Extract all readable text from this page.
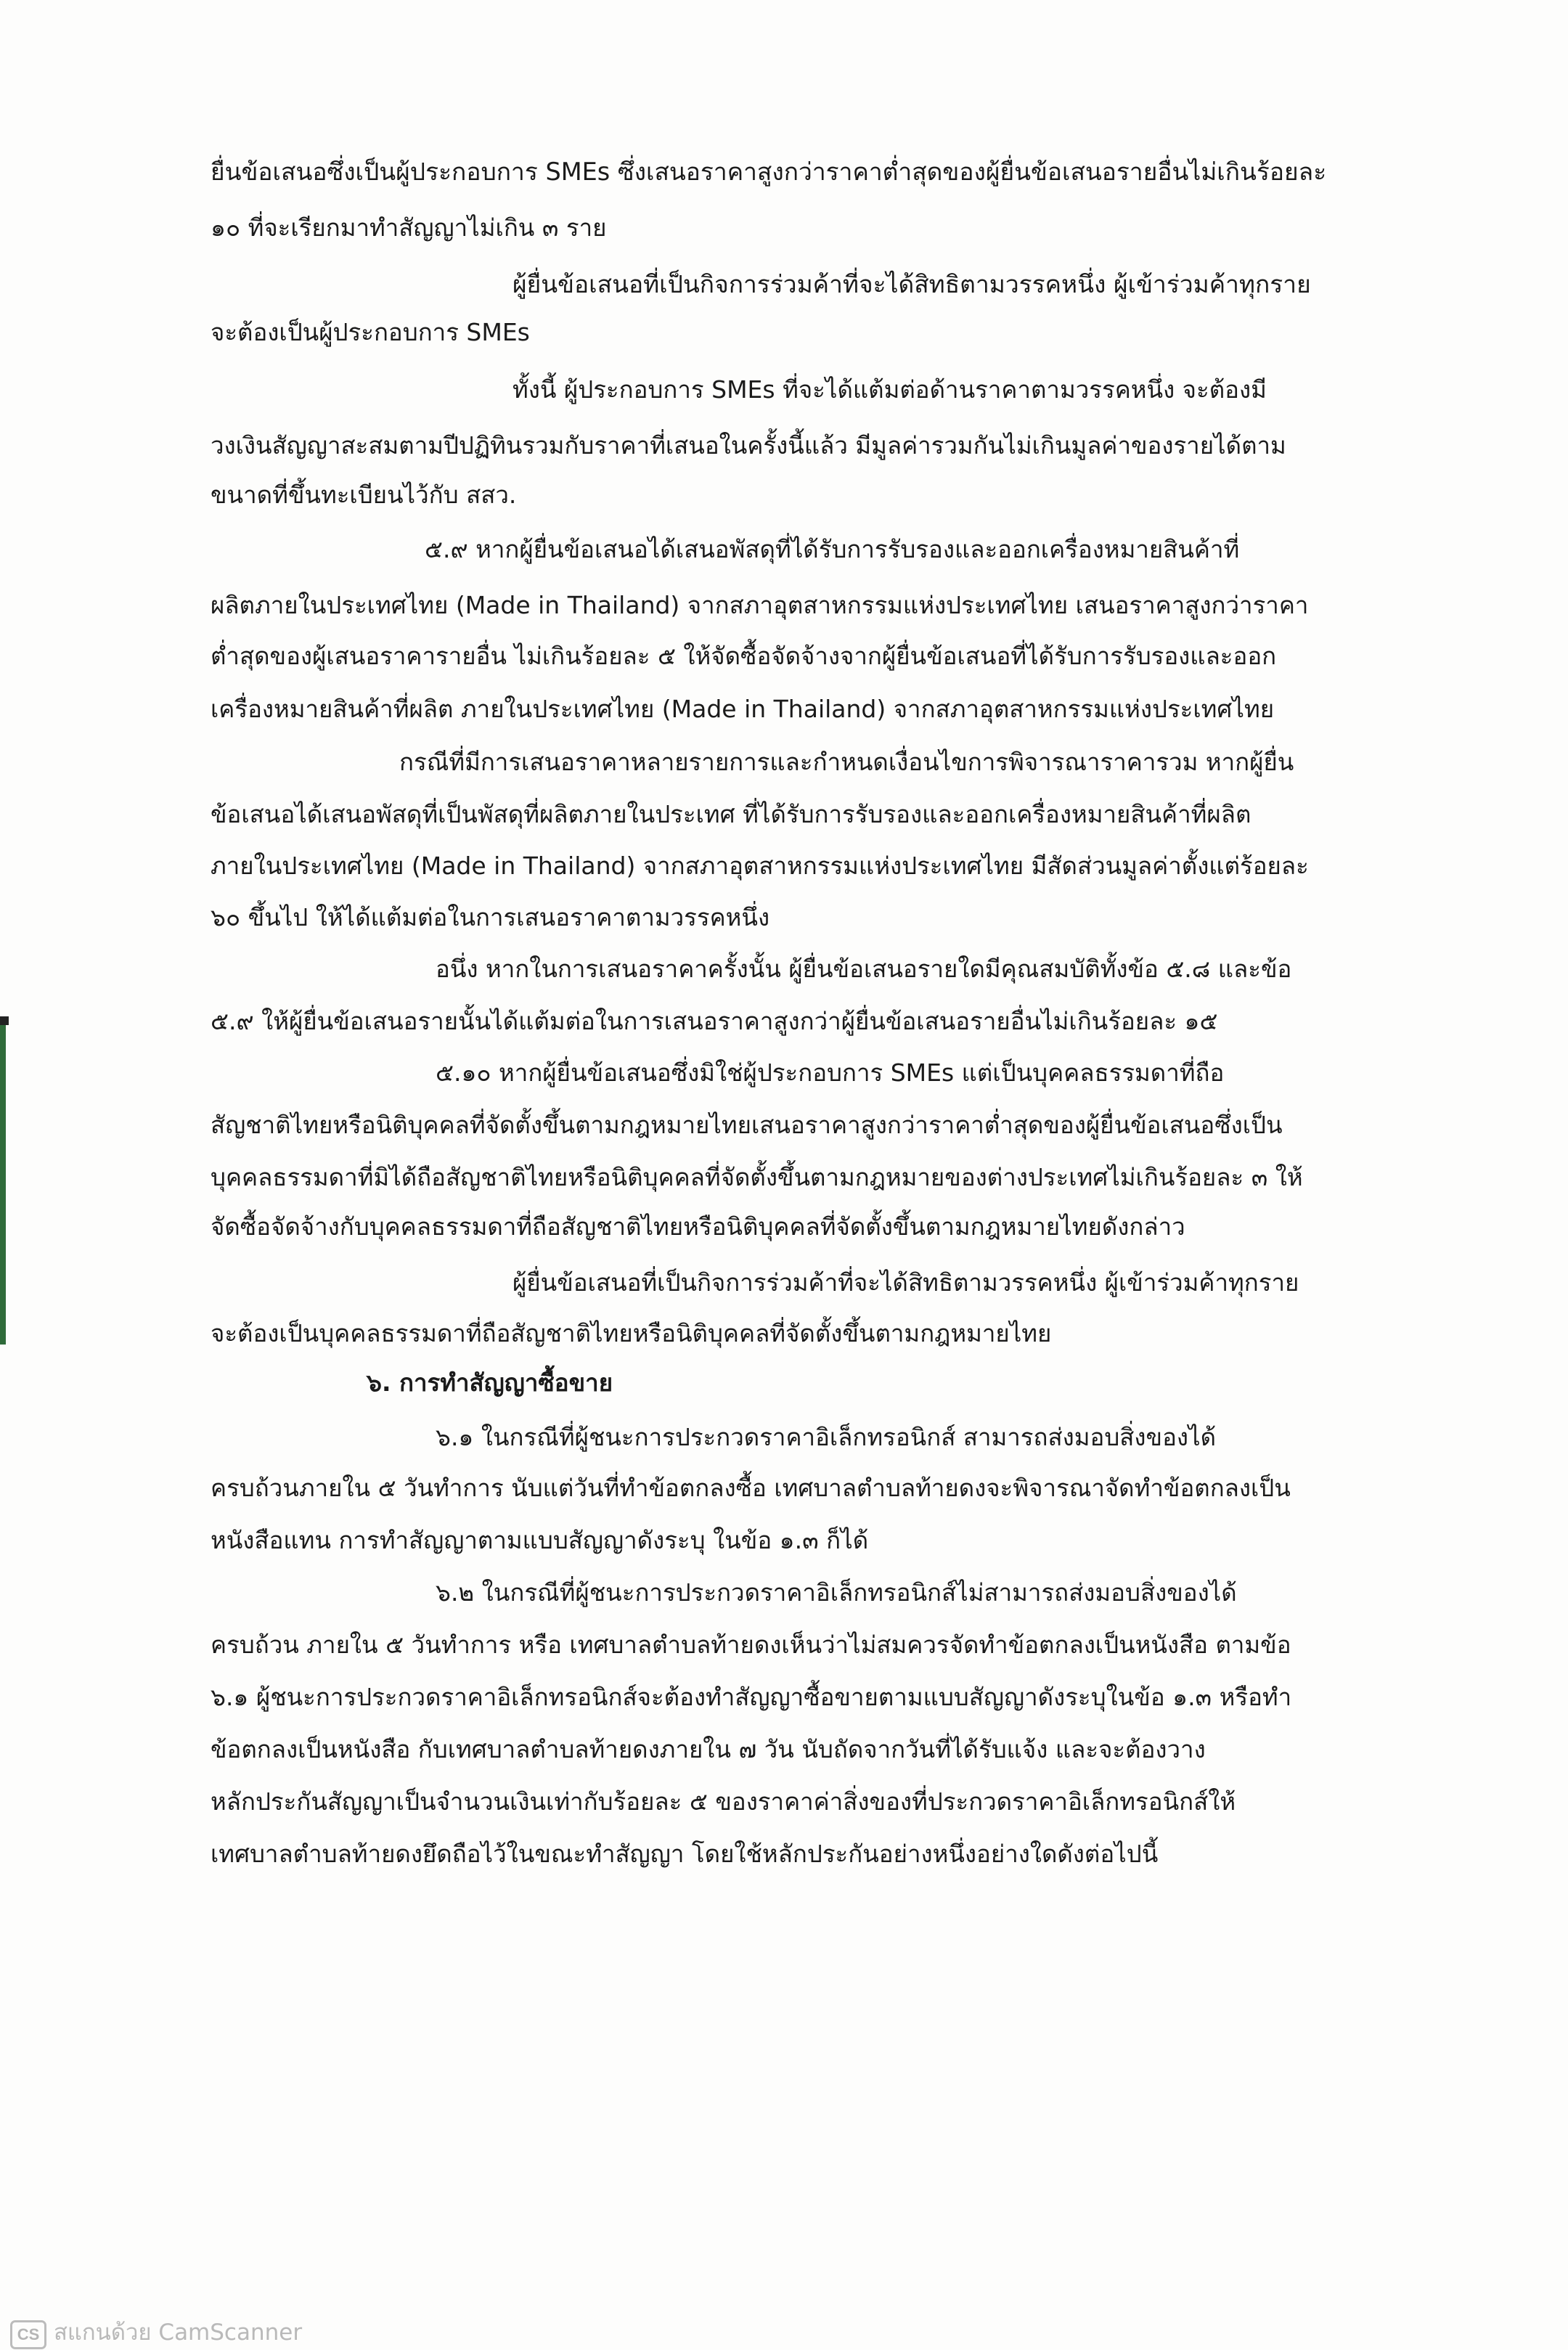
ยื่นข้อเสนอซึ่งเป็นผู้ประกอบการ SMEs ซึ่งเสนอราคาสูงกว่าราคาต่ำสุดของผู้ยื่นข้อเสนอรายอื่นไม่เกินร้อยละ
๑๐ ที่จะเรียกมาทำสัญญาไม่เกิน ๓ ราย
ผู้ยื่นข้อเสนอที่เป็นกิจการร่วมค้าที่จะได้สิทธิตามวรรคหนึ่ง ผู้เข้าร่วมค้าทุกราย
จะต้องเป็นผู้ประกอบการ SMEs
ทั้งนี้ ผู้ประกอบการ SMEs ที่จะได้แต้มต่อด้านราคาตามวรรคหนึ่ง จะต้องมี
วงเงินสัญญาสะสมตามปีปฏิทินรวมกับราคาที่เสนอในครั้งนี้แล้ว มีมูลค่ารวมกันไม่เกินมูลค่าของรายได้ตาม
ขนาดที่ขึ้นทะเบียนไว้กับ สสว.
๕.๙ หากผู้ยื่นข้อเสนอได้เสนอพัสดุที่ได้รับการรับรองและออกเครื่องหมายสินค้าที่
ผลิตภายในประเทศไทย (Made in Thailand) จากสภาอุตสาหกรรมแห่งประเทศไทย เสนอราคาสูงกว่าราคา
ต่ำสุดของผู้เสนอราคารายอื่น ไม่เกินร้อยละ ๕ ให้จัดซื้อจัดจ้างจากผู้ยื่นข้อเสนอที่ได้รับการรับรองและออก
เครื่องหมายสินค้าที่ผลิต ภายในประเทศไทย (Made in Thailand) จากสภาอุตสาหกรรมแห่งประเทศไทย
กรณีที่มีการเสนอราคาหลายรายการและกำหนดเงื่อนไขการพิจารณาราคารวม หากผู้ยื่น
ข้อเสนอได้เสนอพัสดุที่เป็นพัสดุที่ผลิตภายในประเทศ ที่ได้รับการรับรองและออกเครื่องหมายสินค้าที่ผลิต
ภายในประเทศไทย (Made in Thailand) จากสภาอุตสาหกรรมแห่งประเทศไทย มีสัดส่วนมูลค่าตั้งแต่ร้อยละ
๖๐ ขึ้นไป ให้ได้แต้มต่อในการเสนอราคาตามวรรคหนึ่ง
อนึ่ง หากในการเสนอราคาครั้งนั้น ผู้ยื่นข้อเสนอรายใดมีคุณสมบัติทั้งข้อ ๕.๘ และข้อ
๕.๙ ให้ผู้ยื่นข้อเสนอรายนั้นได้แต้มต่อในการเสนอราคาสูงกว่าผู้ยื่นข้อเสนอรายอื่นไม่เกินร้อยละ ๑๕
๕.๑๐ หากผู้ยื่นข้อเสนอซึ่งมิใช่ผู้ประกอบการ SMEs แต่เป็นบุคคลธรรมดาที่ถือ
สัญชาติไทยหรือนิติบุคคลที่จัดตั้งขึ้นตามกฎหมายไทยเสนอราคาสูงกว่าราคาต่ำสุดของผู้ยื่นข้อเสนอซึ่งเป็น
บุคคลธรรมดาที่มิได้ถือสัญชาติไทยหรือนิติบุคคลที่จัดตั้งขึ้นตามกฎหมายของต่างประเทศไม่เกินร้อยละ ๓ ให้
จัดซื้อจัดจ้างกับบุคคลธรรมดาที่ถือสัญชาติไทยหรือนิติบุคคลที่จัดตั้งขึ้นตามกฎหมายไทยดังกล่าว
ผู้ยื่นข้อเสนอที่เป็นกิจการร่วมค้าที่จะได้สิทธิตามวรรคหนึ่ง ผู้เข้าร่วมค้าทุกราย
จะต้องเป็นบุคคลธรรมดาที่ถือสัญชาติไทยหรือนิติบุคคลที่จัดตั้งขึ้นตามกฎหมายไทย
๖. การทำสัญญาซื้อขาย
๖.๑ ในกรณีที่ผู้ชนะการประกวดราคาอิเล็กทรอนิกส์ สามารถส่งมอบสิ่งของได้
ครบถ้วนภายใน ๕ วันทำการ นับแต่วันที่ทำข้อตกลงซื้อ เทศบาลตำบลท้ายดงจะพิจารณาจัดทำข้อตกลงเป็น
หนังสือแทน การทำสัญญาตามแบบสัญญาดังระบุ ในข้อ ๑.๓ ก็ได้
๖.๒ ในกรณีที่ผู้ชนะการประกวดราคาอิเล็กทรอนิกส์ไม่สามารถส่งมอบสิ่งของได้
ครบถ้วน ภายใน ๕ วันทำการ หรือ เทศบาลตำบลท้ายดงเห็นว่าไม่สมควรจัดทำข้อตกลงเป็นหนังสือ ตามข้อ
๖.๑ ผู้ชนะการประกวดราคาอิเล็กทรอนิกส์จะต้องทำสัญญาซื้อขายตามแบบสัญญาดังระบุในข้อ ๑.๓ หรือทำ
ข้อตกลงเป็นหนังสือ กับเทศบาลตำบลท้ายดงภายใน ๗ วัน นับถัดจากวันที่ได้รับแจ้ง และจะต้องวาง
หลักประกันสัญญาเป็นจำนวนเงินเท่ากับร้อยละ ๕ ของราคาค่าสิ่งของที่ประกวดราคาอิเล็กทรอนิกส์ให้
เทศบาลตำบลท้ายดงยึดถือไว้ในขณะทำสัญญา โดยใช้หลักประกันอย่างหนึ่งอย่างใดดังต่อไปนี้
CS สแกนด้วย CamScanner
